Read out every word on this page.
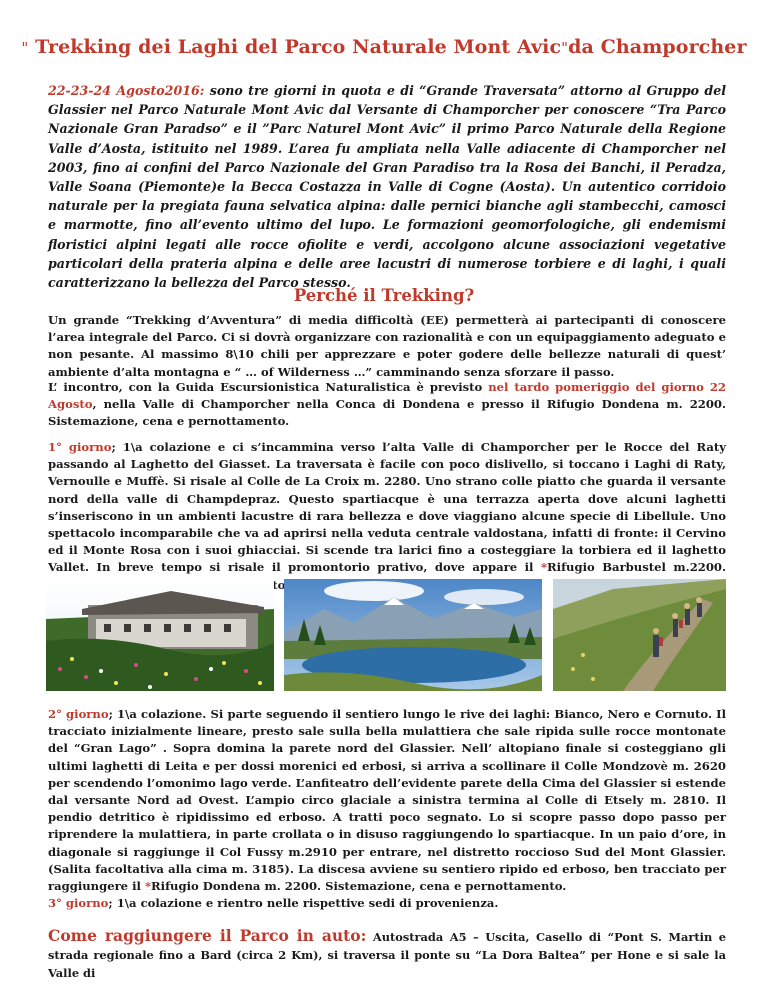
" Trekking dei Laghi del Parco Naturale Mont Avic"da Champorcher
22-23-24 Agosto2016: sono tre giorni in quota e di “Grande Traversata” attorno al Gruppo del Glassier nel Parco Naturale Mont Avic dal Versante di Champorcher per conoscere “Tra Parco Nazionale Gran Paradso” e il ”Parc Naturel Mont Avic” il primo Parco Naturale della Regione Valle d’Aosta, istituito nel 1989. L’area fu ampliata nella Valle adiacente di Champorcher nel 2003, fino ai confini del Parco Nazionale del Gran Paradiso tra la Rosa dei Banchi, il Peradza, Valle Soana (Piemonte)e la Becca Costazza in Valle di Cogne (Aosta). Un autentico corridoio naturale per la pregiata fauna selvatica alpina: dalle pernici bianche agli stambecchi, camosci e marmotte, fino all’evento ultimo del lupo. Le formazioni geomorfologiche, gli endemismi floristici alpini legati alle rocce ofiolite e verdi, accolgono alcune associazioni vegetative particolari della prateria alpina e delle aree lacustri di numerose torbiere e di laghi, i quali caratterizzano la bellezza del Parco stesso.
Perché il Trekking?
Un grande “Trekking d’Avventura” di media difficoltà (EE) permetterà ai partecipanti di conoscere l’area integrale del Parco. Ci si dovrà organizzare con razionalità e con un equipaggiamento adeguato e non pesante. Al massimo 8\10 chili per apprezzare e poter godere delle bellezze naturali di quest’ ambiente d’alta montagna e “ … of Wilderness …” camminando senza sforzare il passo.
L’ incontro, con la Guida Escursionistica Naturalistica è previsto nel tardo pomeriggio del giorno 22 Agosto, nella Valle di Champorcher nella Conca di Dondena e presso il Rifugio Dondena m. 2200. Sistemazione, cena e pernottamento.
1° giorno; 1\a colazione e ci s’incammina verso l’alta Valle di Champorcher per le Rocce del Raty passando al Laghetto del Giasset. La traversata è facile con poco dislivello, si toccano i Laghi di Raty, Vernoulle e Muffè. Si risale al Colle de La Croix m. 2280. Uno strano colle piatto che guarda il versante nord della valle di Champdepraz. Questo spartiacque è una terrazza aperta dove alcuni laghetti s’inseriscono in un ambienti lacustre di rara bellezza e dove viaggiano alcune specie di Libellule. Uno spettacolo incomparabile che va ad aprirsi nella veduta centrale valdostana, infatti di fronte: il Cervino ed il Monte Rosa con i suoi ghiacciai. Si scende tra larici fino a costeggiare la torbiera ed il laghetto Vallet. In breve tempo si risale il promontorio prativo, dove appare il *Rifugio Barbustel m.2200.
2° giorno; 1\a colazione. Si parte seguendo il sentiero lungo le rive dei laghi: Bianco, Nero e Cornuto. Il tracciato inizialmente lineare, presto sale sulla bella mulattiera che sale ripida sulle rocce montonate del “Gran Lago” . Sopra domina la parete nord del Glassier. Nell’ altopiano finale si costeggiano gli ultimi laghetti di Leita e per dossi morenici ed erbosi, si arriva a scollinare il Colle Mondzovè m. 2620 per scendendo l’omonimo lago verde. L’anfiteatro dell’evidente parete della Cima del Glassier si estende dal versante Nord ad Ovest. L’ampio circo glaciale a sinistra termina al Colle di Etsely m. 2810. Il pendio detritico è ripidissimo ed erboso. A tratti poco segnato. Lo si scopre passo dopo passo per riprendere la mulattiera, in parte crollata o in disuso raggiungendo lo spartiacque. In un paio d’ore, in diagonale si raggiunge il Col Fussy m.2910 per entrare, nel distretto roccioso Sud del Mont Glassier. (Salita facoltativa alla cima m. 3185). La discesa avviene su sentiero ripido ed erboso, ben tracciato per raggiungere il *Rifugio Dondena m. 2200. Sistemazione, cena e pernottamento.
3° giorno; 1\a colazione e rientro nelle rispettive sedi di provenienza.
Come raggiungere il Parco in auto: Autostrada A5 – Uscita, Casello di “Pont S. Martin e strada regionale fino a Bard (circa 2 Km), si traversa il ponte su “La Dora Baltea” per Hone e si sale la Valle di
